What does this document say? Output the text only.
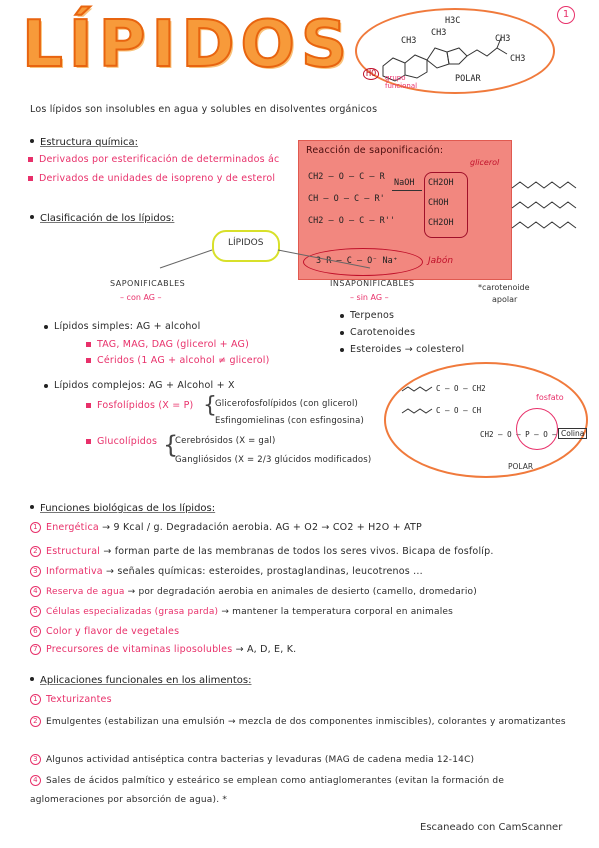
LÍPIDOS	1
H3C
CH3
CH3
CH3
CH3
HO	grupo funcional
POLAR
Los lípidos son insolubles en agua y solubles en disolventes orgánicos
Estructura química:
Derivados por esterificación de determinados ác
Derivados de unidades de isopreno y de esterol
Reacción de saponificación:
CH2 – O – C – R
CH – O – C – R'
CH2 – O – C – R''
NaOH CH2OH
CHOH
CH2OH
glicerol
3 R – C – O⁻ Na⁺	Jabón
Clasificación de los lípidos:
LÍPIDOS
SAPONIFICABLES
– con AG –
INSAPONIFICABLES
– sin AG –
*carotenoide
apolar
Terpenos
Carotenoides
Esteroides → colesterol
Lípidos simples: AG + alcohol
TAG, MAG, DAG (glicerol + AG)
Céridos (1 AG + alcohol ≠ glicerol)
Lípidos complejos: AG + Alcohol + X
Fosfolípidos (X = P) {
Glicerofosfolípidos (con glicerol)
Esfingomielinas (con esfingosina)
Glucolípidos {
Cerebrósidos (X = gal)
Gangliósidos (X = 2/3 glúcidos modificados)
C – O – CH2
C – O – CH
CH2 – O – P – O –
fosfato
Colina
POLAR
Funciones biológicas de los lípidos:
1 Energética → 9 Kcal / g. Degradación aerobia. AG + O2 → CO2 + H2O + ATP
2 Estructural → forman parte de las membranas de todos los seres vivos. Bicapa de fosfolíp.
3 Informativa → señales químicas: esteroides, prostaglandinas, leucotrenos ...
4 Reserva de agua → por degradación aerobia en animales de desierto (camello, dromedario)
5 Células especializadas (grasa parda) → mantener la temperatura corporal en animales
6 Color y flavor de vegetales
7 Precursores de vitaminas liposolubles → A, D, E, K.
Aplicaciones funcionales en los alimentos:
1 Texturizantes
2 Emulgentes (estabilizan una emulsión → mezcla de dos componentes inmiscibles), colorantes y aromatizantes
3 Algunos actividad antiséptica contra bacterias y levaduras (MAG de cadena media 12-14C)
4 Sales de ácidos palmítico y esteárico se emplean como antiaglomerantes (evitan la formación de aglomeraciones por absorción de agua). *
Escaneado con CamScanner
